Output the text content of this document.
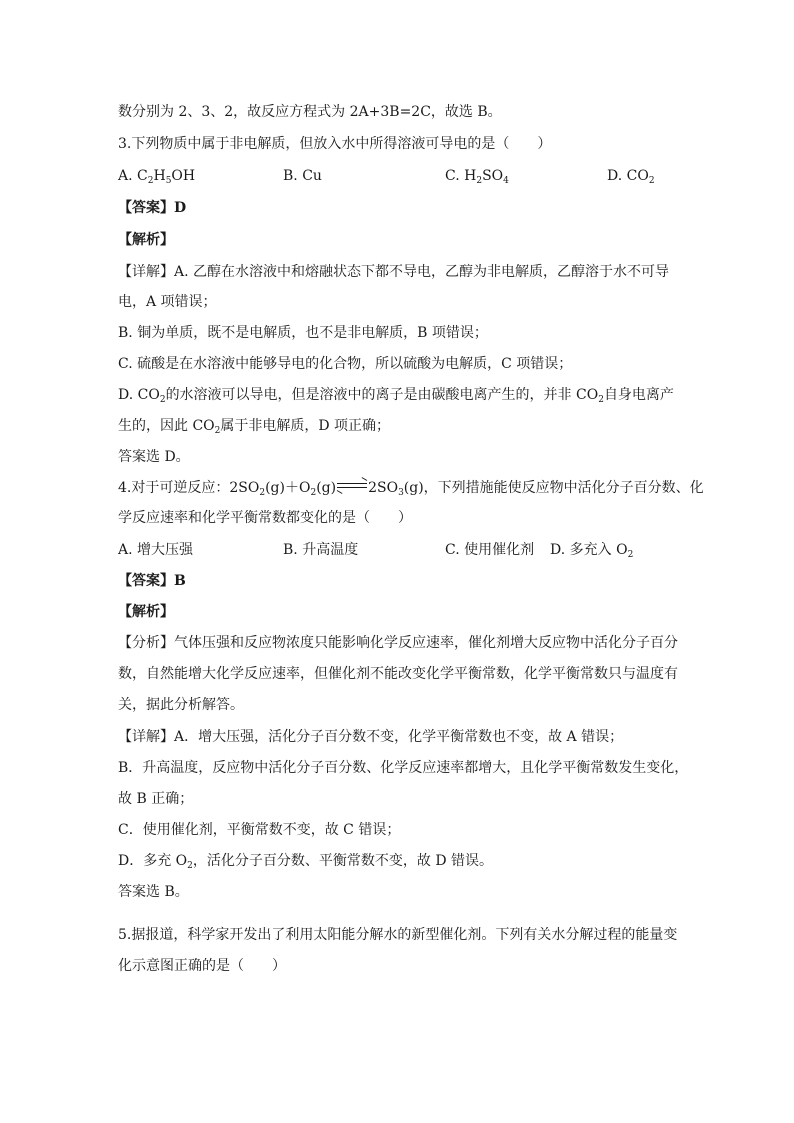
数分别为 2、3、2，故反应方程式为 2A+3B=2C，故选 B。
3.下列物质中属于非电解质，但放入水中所得溶液可导电的是（　　）
A. $C_2H_5OH$	B. Cu	C. $H_2SO_4$	D. $CO_2$
【答案】D
【解析】
【详解】A. 乙醇在水溶液中和熔融状态下都不导电，乙醇为非电解质，乙醇溶于水不可导
电，A 项错误；
B. 铜为单质，既不是电解质，也不是非电解质，B 项错误；
C. 硫酸是在水溶液中能够导电的化合物，所以硫酸为电解质，C 项错误；
D. $CO_2$的水溶液可以导电，但是溶液中的离子是由碳酸电离产生的，并非 $CO_2$自身电离产
生的，因此 $CO_2$属于非电解质，D 项正确；
答案选 D。
4.对于可逆反应：$2SO_2(g)+O_2(g)$ $2SO_3(g)$，下列措施能使反应物中活化分子百分数、化
学反应速率和化学平衡常数都变化的是（　　）
A. 增大压强	B. 升高温度	C. 使用催化剂 D. 多充入 $O_2$
【答案】B
【解析】
【分析】气体压强和反应物浓度只能影响化学反应速率，催化剂增大反应物中活化分子百分
数，自然能增大化学反应速率，但催化剂不能改变化学平衡常数，化学平衡常数只与温度有
关，据此分析解答。
【详解】A．增大压强，活化分子百分数不变，化学平衡常数也不变，故 A 错误；
B．升高温度，反应物中活化分子百分数、化学反应速率都增大，且化学平衡常数发生变化，
故 B 正确；
C．使用催化剂，平衡常数不变，故 C 错误；
D．多充 $O_2$，活化分子百分数、平衡常数不变，故 D 错误。
答案选 B。
5.据报道，科学家开发出了利用太阳能分解水的新型催化剂。下列有关水分解过程的能量变
化示意图正确的是（　　）
